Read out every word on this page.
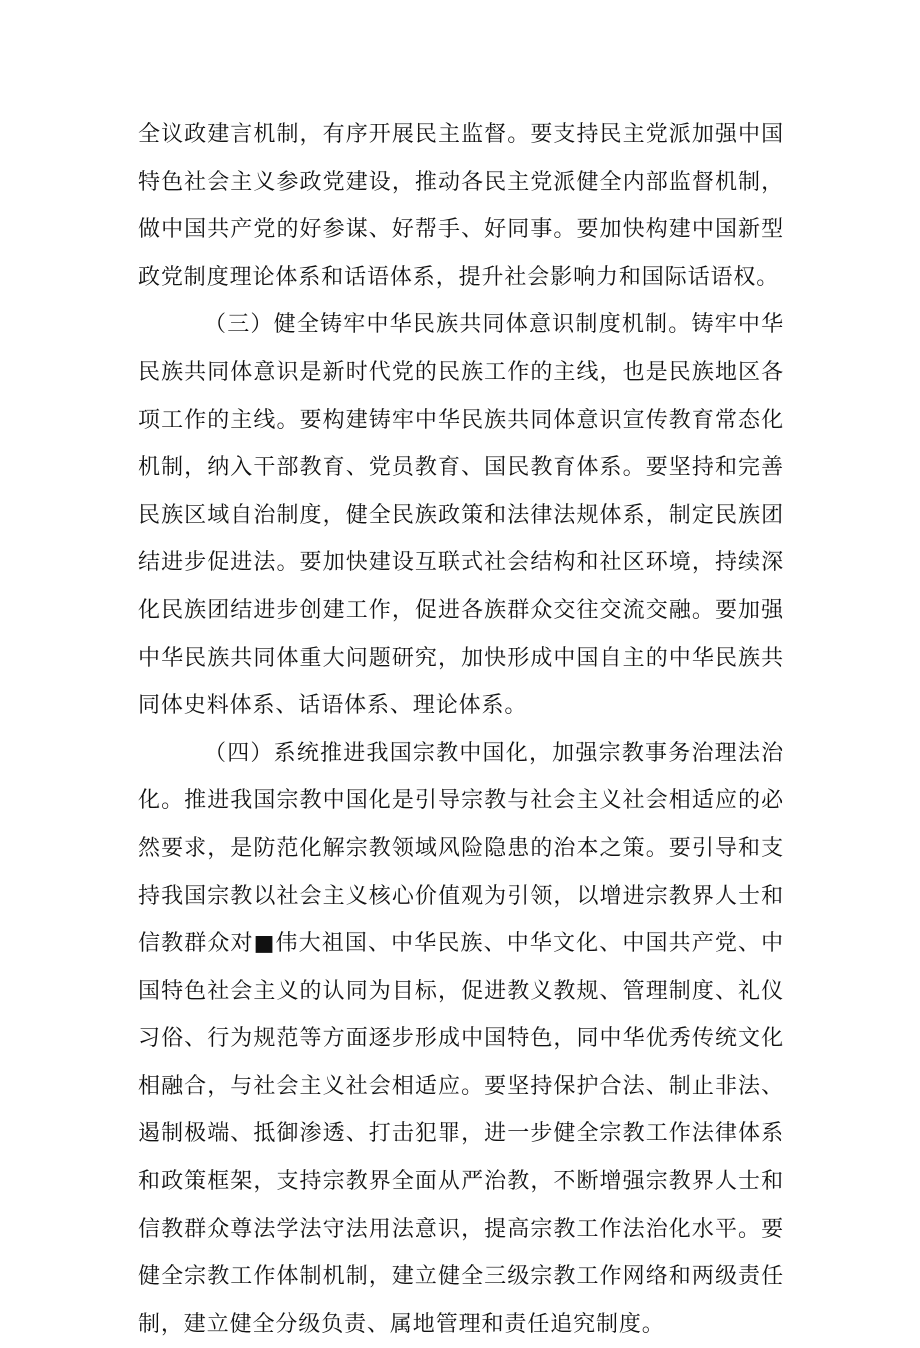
全议政建言机制，有序开展民主监督。要支持民主党派加强中国特色社会主义参政党建设，推动各民主党派健全内部监督机制，做中国共产党的好参谋、好帮手、好同事。要加快构建中国新型政党制度理论体系和话语体系，提升社会影响力和国际话语权。

（三）健全铸牢中华民族共同体意识制度机制。铸牢中华民族共同体意识是新时代党的民族工作的主线，也是民族地区各项工作的主线。要构建铸牢中华民族共同体意识宣传教育常态化机制，纳入干部教育、党员教育、国民教育体系。要坚持和完善民族区域自治制度，健全民族政策和法律法规体系，制定民族团结进步促进法。要加快建设互联式社会结构和社区环境，持续深化民族团结进步创建工作，促进各族群众交往交流交融。要加强中华民族共同体重大问题研究，加快形成中国自主的中华民族共同体史料体系、话语体系、理论体系。

（四）系统推进我国宗教中国化，加强宗教事务治理法治化。推进我国宗教中国化是引导宗教与社会主义社会相适应的必然要求，是防范化解宗教领域风险隐患的治本之策。要引导和支持我国宗教以社会主义核心价值观为引领，以增进宗教界人士和信教群众对■伟大祖国、中华民族、中华文化、中国共产党、中国特色社会主义的认同为目标，促进教义教规、管理制度、礼仪习俗、行为规范等方面逐步形成中国特色，同中华优秀传统文化相融合，与社会主义社会相适应。要坚持保护合法、制止非法、遏制极端、抵御渗透、打击犯罪，进一步健全宗教工作法律体系和政策框架，支持宗教界全面从严治教，不断增强宗教界人士和信教群众尊法学法守法用法意识，提高宗教工作法治化水平。要健全宗教工作体制机制，建立健全三级宗教工作网络和两级责任制，建立健全分级负责、属地管理和责任追究制度。
